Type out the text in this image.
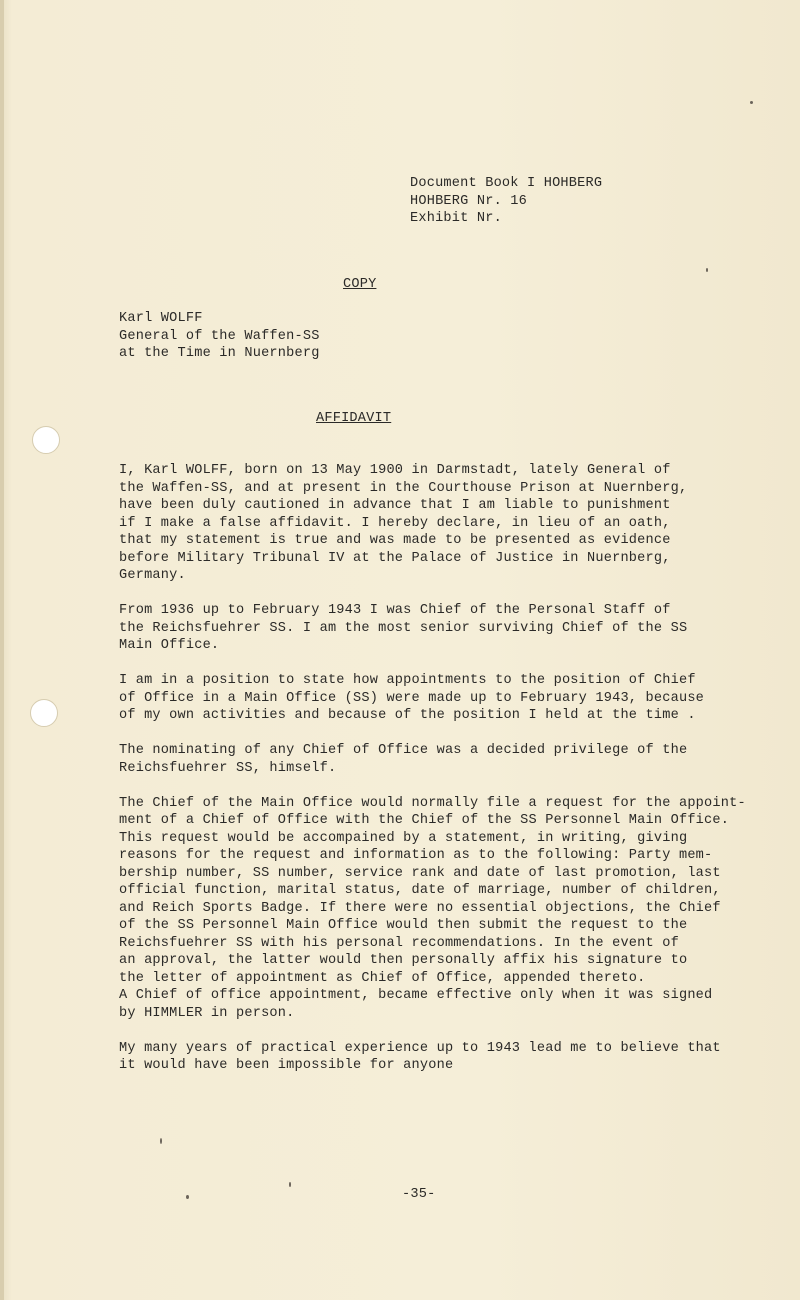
Document Book I HOHBERG
HOHBERG Nr. 16
Exhibit Nr.
COPY
Karl WOLFF
General of the Waffen-SS
at the Time in Nuernberg
AFFIDAVIT

I, Karl WOLFF, born on 13 May 1900 in Darmstadt, lately General of
the Waffen-SS, and at present in the Courthouse Prison at Nuernberg,
have been duly cautioned in advance that I am liable to punishment
if I make a false affidavit. I hereby declare, in lieu of an oath,
that my statement is true and was made to be presented as evidence
before Military Tribunal IV at the Palace of Justice in Nuernberg,
Germany.

From 1936 up to February 1943 I was Chief of the Personal Staff of
the Reichsfuehrer SS. I am the most senior surviving Chief of the SS
Main Office.

I am in a position to state how appointments to the position of Chief
of Office in a Main Office (SS) were made up to February 1943, because
of my own activities and because of the position I held at the time .

The nominating of any Chief of Office was a decided privilege of the
Reichsfuehrer SS, himself.

The Chief of the Main Office would normally file a request for the appoint-
ment of a Chief of Office with the Chief of the SS Personnel Main Office.
This request would be accompained by a statement, in writing, giving
reasons for the request and information as to the following: Party mem-
bership number, SS number, service rank and date of last promotion, last
official function, marital status, date of marriage, number of children,
and Reich Sports Badge. If there were no essential objections, the Chief
of the SS Personnel Main Office would then submit the request to the
Reichsfuehrer SS with his personal recommendations. In the event of
an approval, the latter would then personally affix his signature to
the letter of appointment as Chief of Office, appended thereto.
A Chief of office appointment, became effective only when it was signed
by HIMMLER in person.

My many years of practical experience up to 1943 lead me to believe that
it would have been impossible for anyone

-35-
